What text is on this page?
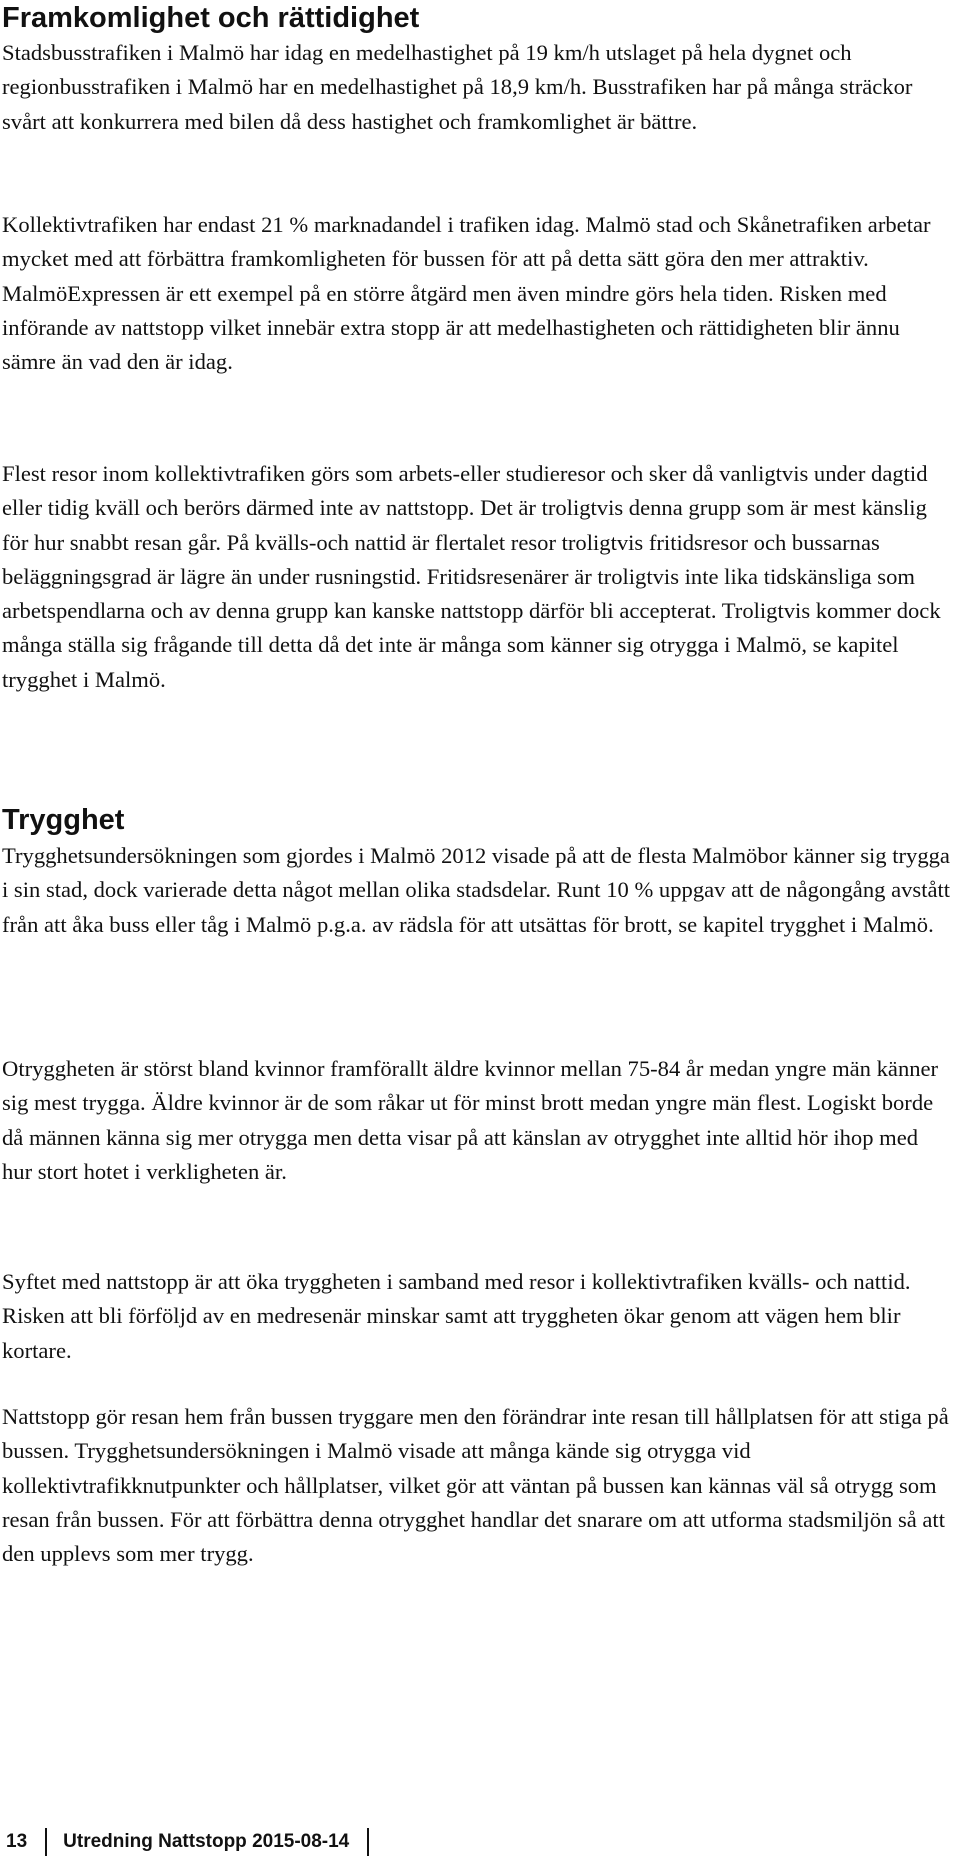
Framkomlighet och rättidighet

Stadsbusstrafiken i Malmö har idag en medelhastighet på 19 km/h utslaget på hela dygnet och regionbusstrafiken i Malmö har en medelhastighet på 18,9 km/h. Busstrafiken har på många sträckor svårt att konkurrera med bilen då dess hastighet och framkomlighet är bättre.

Kollektivtrafiken har endast 21 % marknadandel i trafiken idag. Malmö stad och Skånetrafiken arbetar mycket med att förbättra framkomligheten för bussen för att på detta sätt göra den mer attraktiv. MalmöExpressen är ett exempel på en större åtgärd men även mindre görs hela tiden. Risken med införande av nattstopp vilket innebär extra stopp är att medelhastigheten och rättidigheten blir ännu sämre än vad den är idag.

Flest resor inom kollektivtrafiken görs som arbets-eller studieresor och sker då vanligtvis under dagtid eller tidig kväll och berörs därmed inte av nattstopp. Det är troligtvis denna grupp som är mest känslig för hur snabbt resan går. På kvälls-och nattid är flertalet resor troligtvis fritidsresor och bussarnas beläggningsgrad är lägre än under rusningstid. Fritidsresenärer är troligtvis inte lika tidskänsliga som arbetspendlarna och av denna grupp kan kanske nattstopp därför bli accepterat. Troligtvis kommer dock många ställa sig frågande till detta då det inte är många som känner sig otrygga i Malmö, se kapitel trygghet i Malmö.

Trygghet

Trygghetsundersökningen som gjordes i Malmö 2012 visade på att de flesta Malmöbor känner sig trygga i sin stad, dock varierade detta något mellan olika stadsdelar. Runt 10 % uppgav att de någongång avstått från att åka buss eller tåg i Malmö p.g.a. av rädsla för att utsättas för brott, se kapitel trygghet i Malmö.

Otryggheten är störst bland kvinnor framförallt äldre kvinnor mellan 75-84 år medan yngre män känner sig mest trygga. Äldre kvinnor är de som råkar ut för minst brott medan yngre män flest. Logiskt borde då männen känna sig mer otrygga men detta visar på att känslan av otrygghet inte alltid hör ihop med hur stort hotet i verkligheten är.

Syftet med nattstopp är att öka tryggheten i samband med resor i kollektivtrafiken kvälls- och nattid. Risken att bli förföljd av en medresenär minskar samt att tryggheten ökar genom att vägen hem blir kortare.

Nattstopp gör resan hem från bussen tryggare men den förändrar inte resan till hållplatsen för att stiga på bussen. Trygghetsundersökningen i Malmö visade att många kände sig otrygga vid kollektivtrafikknutpunkter och hållplatser, vilket gör att väntan på bussen kan kännas väl så otrygg som resan från bussen. För att förbättra denna otrygghet handlar det snarare om att utforma stadsmiljön så att den upplevs som mer trygg.

13 Utredning Nattstopp 2015-08-14
